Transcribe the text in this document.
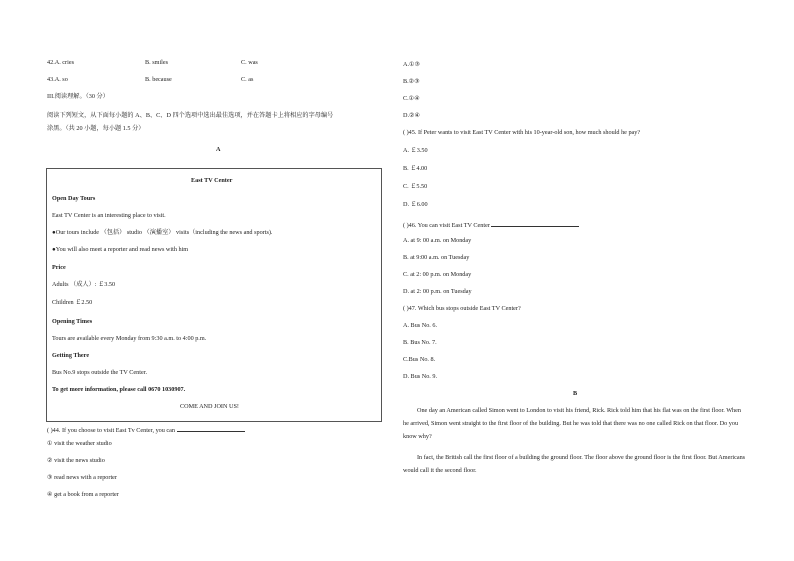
42.A. cries	B. smiles	C. was
43.A. so	B. because	C. as
III.阅读理解。（30 分）
阅读下列短文，从下面每小题的 A、B、C、D 四个选项中选出最佳选项，并在答题卡上将相应的字母编号
涂黑。（共 20 小题，每小题 1.5 分）
A
East TV Center
Open Day Tours
East TV Center is an interesting place to visit.
●Our tours include （包括） studio （演播室） visits（including the news and sports).
●You will also meet a reporter and read news with him
Price
Adults （成人）: ￡3.50
Children ￡2.50
Opening Times
Tours are available every Monday from 9:30 a.m. to 4:00 p.m.
Getting There
Bus No.9 stops outside the TV Center.
To get more information, please call 0670 1030907.
COME AND JOIN US!
( )44. If you choose to visit East Tv Center, you can
① visit the weather studio
② visit the news studio
③ read news with a reporter
④ get a book from a reporter
A.①③
B.②③
C.①④
D.②④
( )45. If Peter wants to visit East TV Center with his 10-year-old son, how much should he pay?
A. ￡3.50
B. ￡4.00
C. ￡5.50
D. ￡6.00
( )46. You can visit East TV Center
A. at 9: 00 a.m. on Monday
B. at 9:00 a.m. on Tuesday
C. at 2: 00 p.m. on Monday
D. at 2: 00 p.m. on Tuesday
( )47. Which bus stops outside East TV Center?
A. Bus No. 6.
B. Bus No. 7.
C.Bus No. 8.
D. Bus No. 9.
B
One day an American called Simon went to London to visit his friend, Rick. Rick told him that his flat was on the first floor. When he arrived, Simon went straight to the first floor of the building. But he was told that there was no one called Rick on that floor. Do you know why?
In fact, the British call the first floor of a building the ground floor. The floor above the ground floor is the first floor. But Americans would call it the second floor.
